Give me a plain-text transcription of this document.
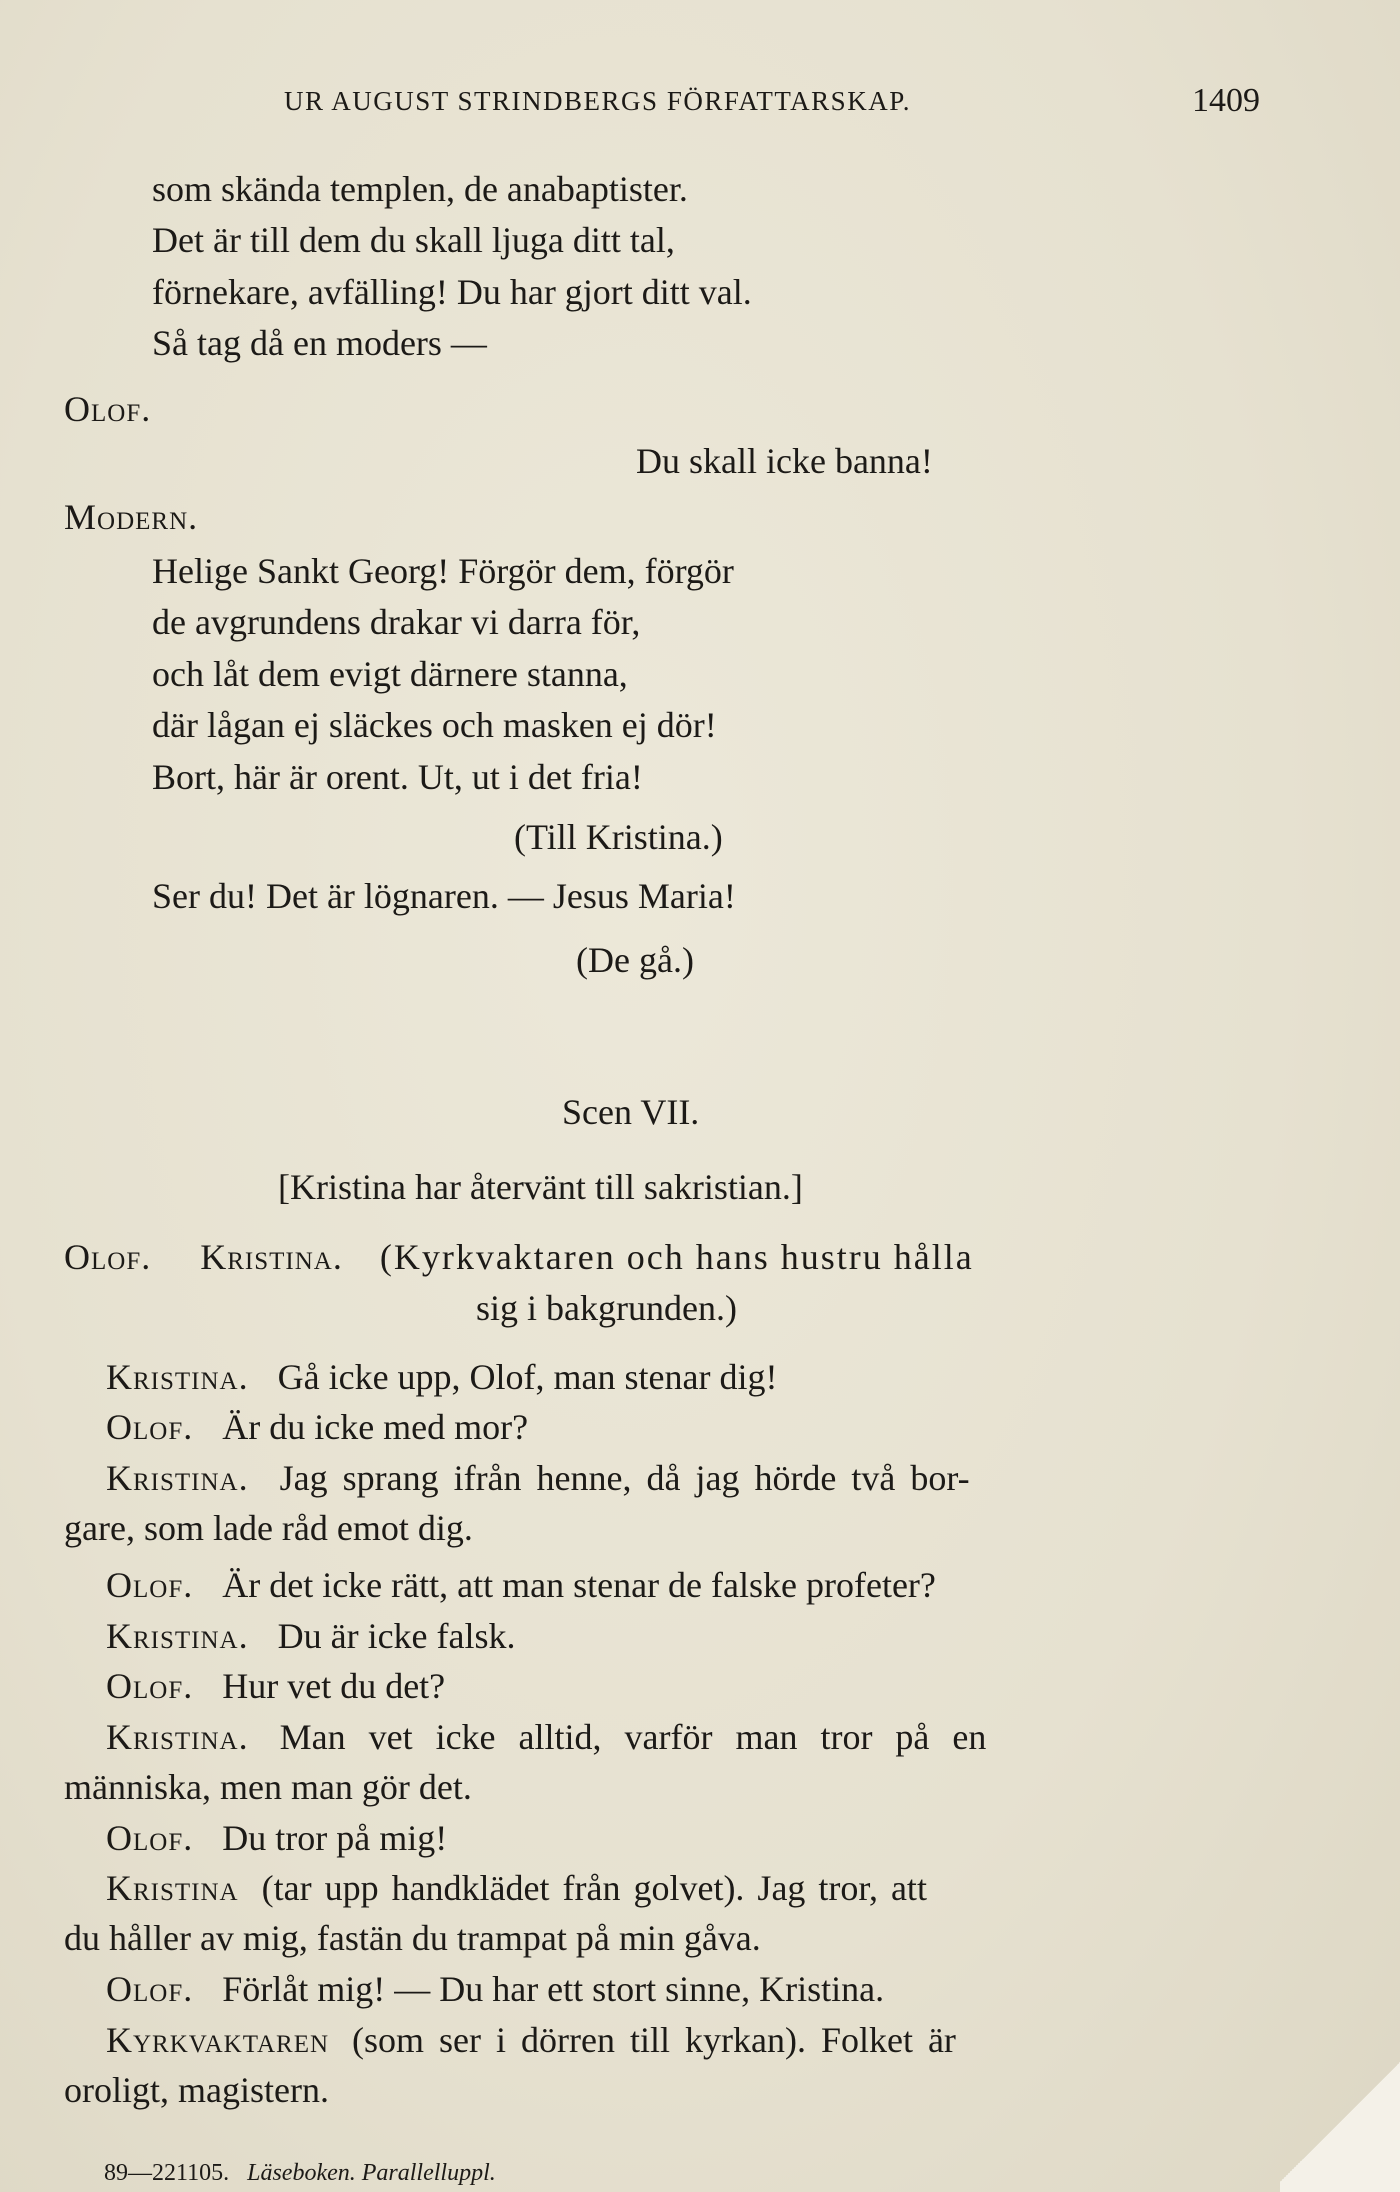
UR AUGUST STRINDBERGS FÖRFATTARSKAP.	1409
som skända templen, de anabaptister.
Det är till dem du skall ljuga ditt tal,
förnekare, avfälling! Du har gjort ditt val.
Så tag då en moders —
Olof.
Du skall icke banna!
Modern.
Helige Sankt Georg! Förgör dem, förgör
de avgrundens drakar vi darra för,
och låt dem evigt därnere stanna,
där lågan ej släckes och masken ej dör!
Bort, här är orent. Ut, ut i det fria!
(Till Kristina.)
Ser du! Det är lögnaren. — Jesus Maria!
(De gå.)
Scen VII.
[Kristina har återvänt till sakristian.]
Olof. Kristina. (Kyrkvaktaren och hans hustru hålla
sig i bakgrunden.)
Kristina. Gå icke upp, Olof, man stenar dig!
Olof. Är du icke med mor?
Kristina. Jag sprang ifrån henne, då jag hörde två bor-
gare, som lade råd emot dig.
Olof. Är det icke rätt, att man stenar de falske profeter?
Kristina. Du är icke falsk.
Olof. Hur vet du det?
Kristina. Man vet icke alltid, varför man tror på en
människa, men man gör det.
Olof. Du tror på mig!
Kristina (tar upp handklädet från golvet). Jag tror, att
du håller av mig, fastän du trampat på min gåva.
Olof. Förlåt mig! — Du har ett stort sinne, Kristina.
Kyrkvaktaren (som ser i dörren till kyrkan). Folket är
oroligt, magistern.
89—221105. Läseboken. Parallelluppl.
